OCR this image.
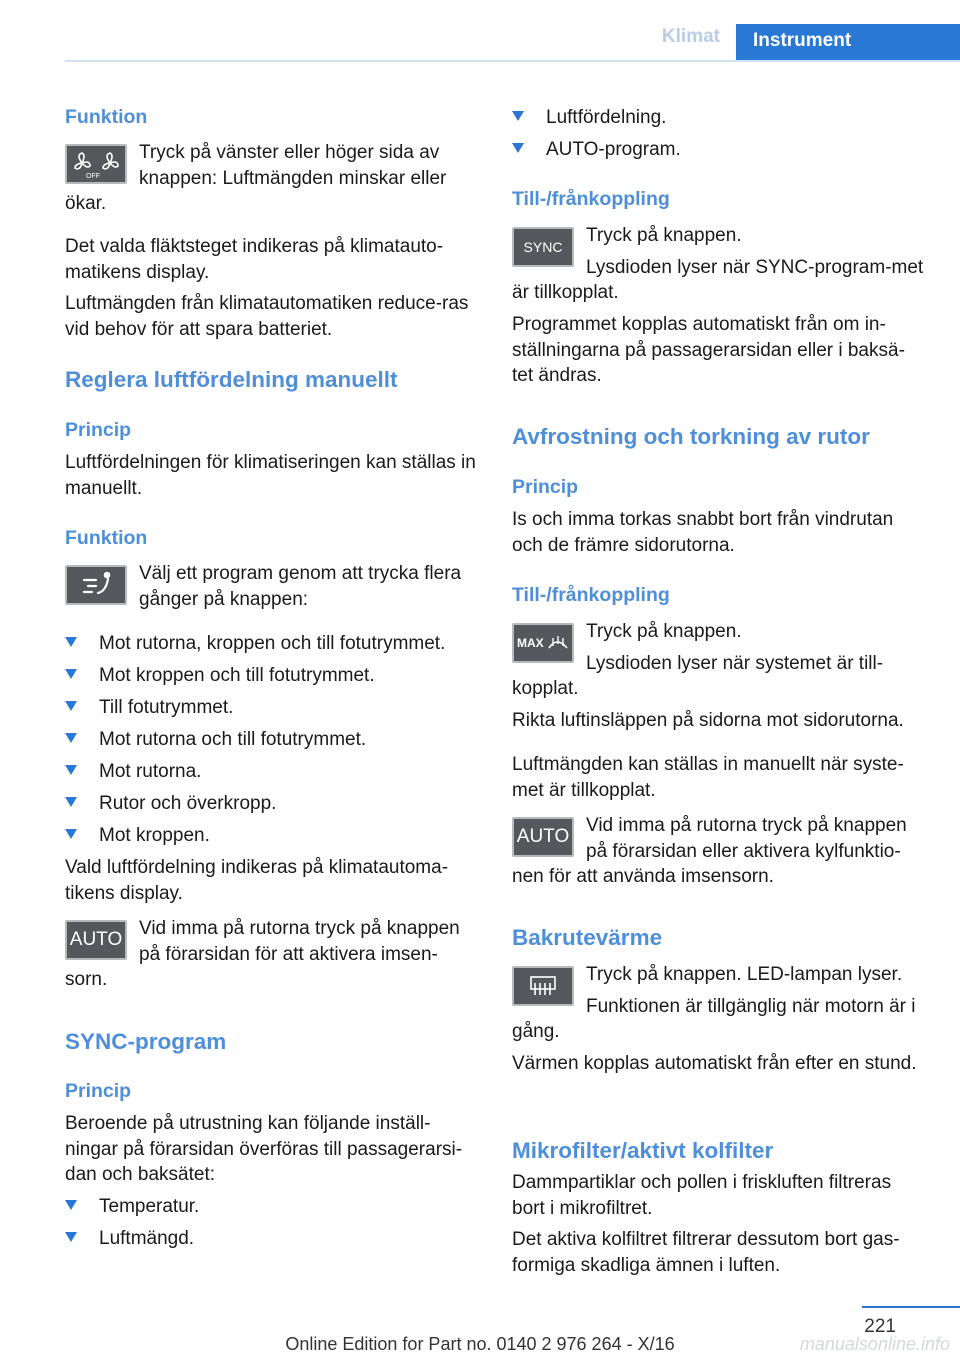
Klimat	Instrument
Funktion
OFF

Tryck på vänster eller höger sida av knappen: Luftmängden minskar eller ökar.

Det valda fläktsteget indikeras på klimatauto-matikens display.

Luftmängden från klimatautomatiken reduce-ras vid behov för att spara batteriet.

Reglera luftfördelning manuellt
Princip

Luftfördelningen för klimatiseringen kan ställas in manuellt.

Funktion

Välj ett program genom att trycka flera gånger på knappen:

Mot rutorna, kroppen och till fotutrymmet.
Mot kroppen och till fotutrymmet.
Till fotutrymmet.
Mot rutorna och till fotutrymmet.
Mot rutorna.
Rutor och överkropp.
Mot kroppen.

Vald luftfördelning indikeras på klimatautoma-tikens display.

AUTO

Vid imma på rutorna tryck på knappen på förarsidan för att aktivera imsen-sorn.

SYNC-program
Princip

Beroende på utrustning kan följande inställ-ningar på förarsidan överföras till passagerarsi-dan och baksätet:

Temperatur.
Luftmängd.
Luftfördelning.
AUTO-program.
Till-/frånkoppling
SYNC

Tryck på knappen.

Lysdioden lyser när SYNC-program-met är tillkopplat.

Programmet kopplas automatiskt från om in-ställningarna på passagerarsidan eller i baksä-tet ändras.

Avfrostning och torkning av rutor
Princip

Is och imma torkas snabbt bort från vindrutan och de främre sidorutorna.

Till-/frånkoppling
MAX

Tryck på knappen.

Lysdioden lyser när systemet är till-kopplat.

Rikta luftinsläppen på sidorna mot sidorutorna.

Luftmängden kan ställas in manuellt när syste-met är tillkopplat.

AUTO

Vid imma på rutorna tryck på knappen på förarsidan eller aktivera kylfunktio-nen för att använda imsensorn.

Bakrutevärme

Tryck på knappen. LED-lampan lyser.

Funktionen är tillgänglig när motorn är i gång.

Värmen kopplas automatiskt från efter en stund.

Mikrofilter/aktivt kolfilter

Dammpartiklar och pollen i friskluften filtreras bort i mikrofiltret.

Det aktiva kolfiltret filtrerar dessutom bort gas-formiga skadliga ämnen i luften.

221
Online Edition for Part no. 0140 2 976 264 - X/16	manualsonline.info
